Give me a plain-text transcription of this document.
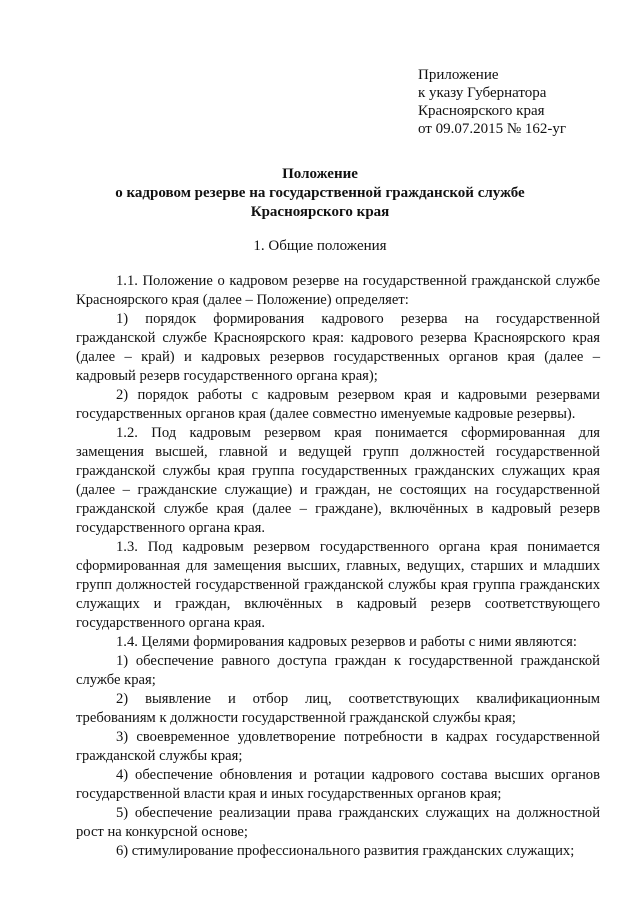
Приложение
к указу Губернатора
Красноярского края
от 09.07.2015 № 162-уг
Положение
о кадровом резерве на государственной гражданской службе
Красноярского края
1. Общие положения

1.1. Положение о кадровом резерве на государственной гражданской службе Красноярского края (далее – Положение) определяет:

1) порядок формирования кадрового резерва на государственной гражданской службе Красноярского края: кадрового резерва Красноярского края (далее – край) и кадровых резервов государственных органов края (далее – кадровый резерв государственного органа края);

2) порядок работы с кадровым резервом края и кадровыми резервами государственных органов края (далее совместно именуемые кадровые резервы).

1.2. Под кадровым резервом края понимается сформированная для замещения высшей, главной и ведущей групп должностей государственной гражданской службы края группа государственных гражданских служащих края (далее – гражданские служащие) и граждан, не состоящих на государственной гражданской службе края (далее – граждане), включённых в кадровый резерв государственного органа края.

1.3. Под кадровым резервом государственного органа края понимается сформированная для замещения высших, главных, ведущих, старших и младших групп должностей государственной гражданской службы края группа гражданских служащих и граждан, включённых в кадровый резерв соответствующего государственного органа края.

1.4. Целями формирования кадровых резервов и работы с ними являются:

1) обеспечение равного доступа граждан к государственной гражданской службе края;

2) выявление и отбор лиц, соответствующих квалификационным требованиям к должности государственной гражданской службы края;

3) своевременное удовлетворение потребности в кадрах государственной гражданской службы края;

4) обеспечение обновления и ротации кадрового состава высших органов государственной власти края и иных государственных органов края;

5) обеспечение реализации права гражданских служащих на должностной рост на конкурсной основе;

6) стимулирование профессионального развития гражданских служащих;
